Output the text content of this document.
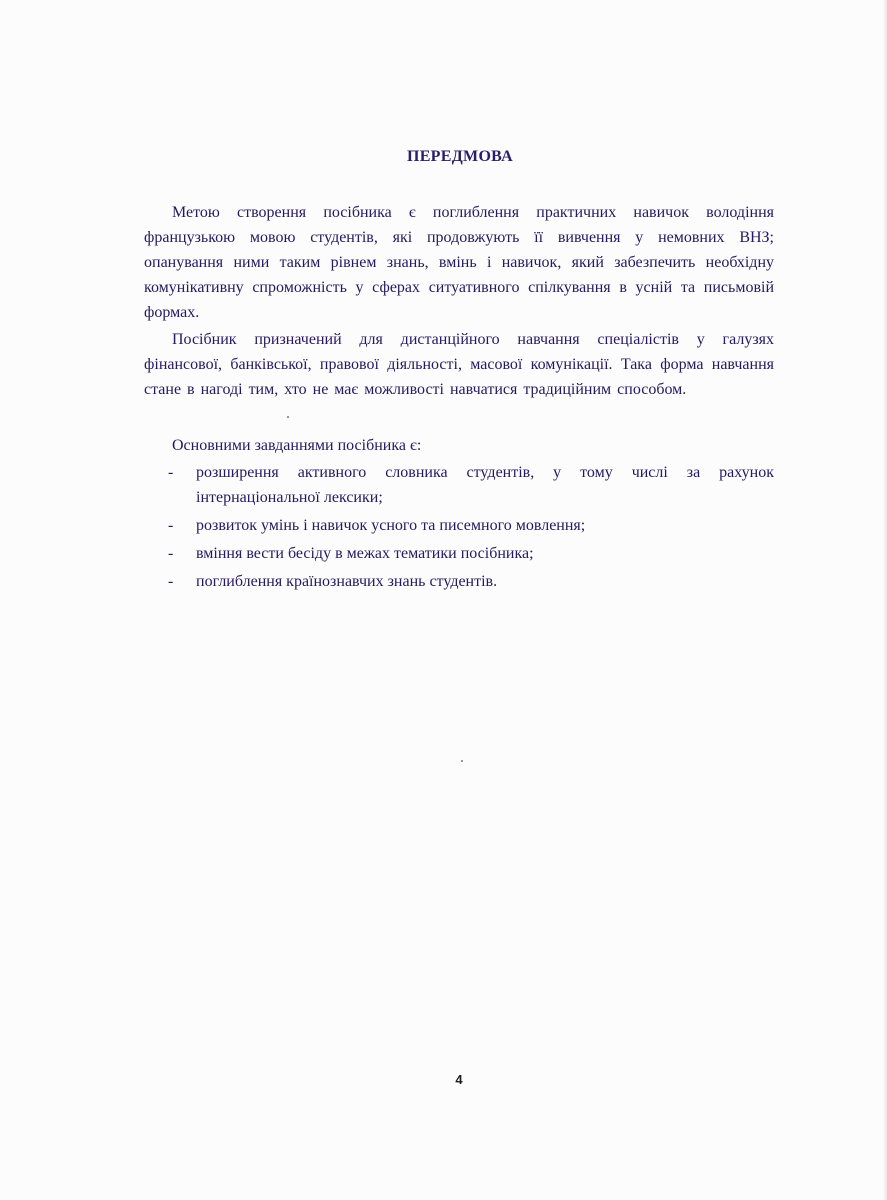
ПЕРЕДМОВА

Метою створення посібника є поглиблення практичних навичок володіння французькою мовою студентів, які продовжують її вивчення у немовних ВНЗ; опанування ними таким рівнем знань, вмінь і навичок, який забезпечить необхідну комунікативну спроможність у сферах ситуативного спілкування в усній та письмовій формах.

Посібник призначений для дистанційного навчання спеціалістів у галузях фінансової, банківської, правової діяльності, масової комунікації. Така форма навчання стане в нагоді тим, хто не має можливості навчатися традиційним способом.

Основними завданнями посібника є:

- розширення активного словника студентів, у тому числі за рахунок інтернаціональної лексики;
- розвиток умінь і навичок усного та писемного мовлення;
- вміння вести бесіду в межах тематики посібника;
- поглиблення країнознавчих знань студентів.
4
